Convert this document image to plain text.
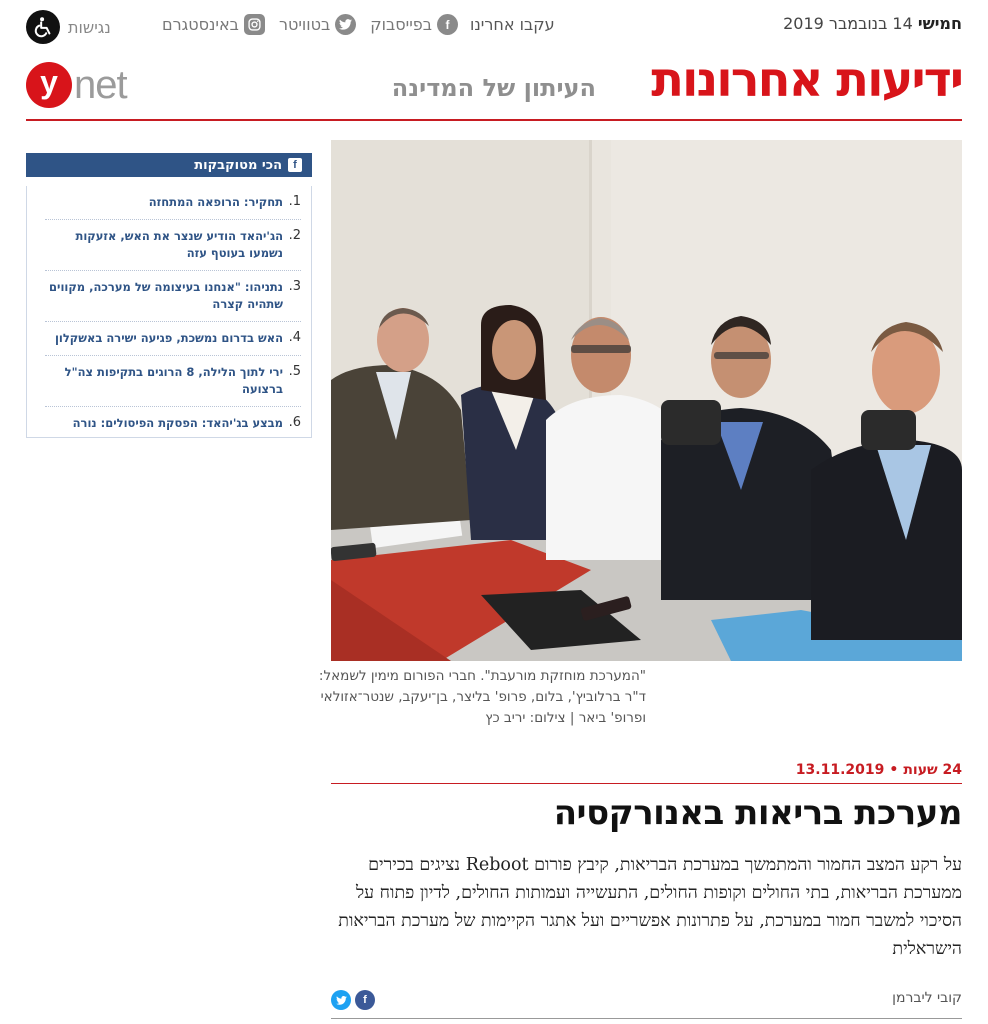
חמישי 14 בנובמבר 2019
עקבו אחרינו
f
בפייסבוק
בטוויטר
באינסטגרם
נגישות
ידיעות אחרונות
העיתון של המדינה
y net
f
הכי מטוקבקות
1.
תחקיר: הרופאה המתחזה
2.
הג'יהאד הודיע שנצר את האש, אזעקות נשמעו בעוטף עזה
3.
נתניהו: "אנחנו בעיצומה של מערכה, מקווים שתהיה קצרה
4.
האש בדרום נמשכת, פגיעה ישירה באשקלון
5.
ירי לתוך הלילה, 8 הרוגים בתקיפות צה"ל ברצועה
6.
מבצע בג'יהאד: הפסקת הפיסולים: נורה
"המערכת מוחזקת מורעבת". חברי הפורום מימין לשמאל: ד"ר ברלוביץ', בלום, פרופ' בליצר, בן־יעקב, שנטר־אזולאי ופרופ' ביאר | צילום: יריב כץ
24 שעות•13.11.2019
מערכת בריאות באנורקסיה

על רקע המצב החמור והמתמשך במערכת הבריאות, קיבץ פורום Reboot נציגים בכירים ממערכת הבריאות, בתי החולים וקופות החולים, התעשייה ועמותות החולים, לדיון פתוח על הסיכוי למשבר חמור במערכת, על פתרונות אפשריים ועל אתגר הקיימות של מערכת הבריאות הישראלית

קובי ליברמן
f
